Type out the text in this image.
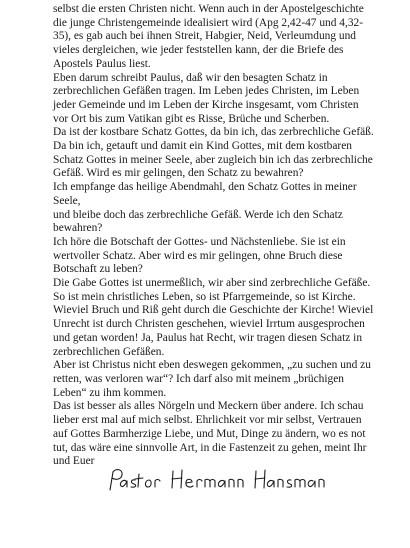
selbst die ersten Christen nicht. Wenn auch in der Apostelgeschichte
die junge Christengemeinde idealisiert wird (Apg 2,42-47 und 4,32-
35), es gab auch bei ihnen Streit, Habgier, Neid, Verleumdung und
vieles dergleichen, wie jeder feststellen kann, der die Briefe des
Apostels Paulus liest.
Eben darum schreibt Paulus, daß wir den besagten Schatz in
zerbrechlichen Gefäßen tragen. Im Leben jedes Christen, im Leben
jeder Gemeinde und im Leben der Kirche insgesamt, vom Christen
vor Ort bis zum Vatikan gibt es Risse, Brüche und Scherben.
Da ist der kostbare Schatz Gottes, da bin ich, das zerbrechliche Gefäß.
Da bin ich, getauft und damit ein Kind Gottes, mit dem kostbaren
Schatz Gottes in meiner Seele, aber zugleich bin ich das zerbrechliche
Gefäß. Wird es mir gelingen, den Schatz zu bewahren?
Ich empfange das heilige Abendmahl, den Schatz Gottes in meiner
Seele,
und bleibe doch das zerbrechliche Gefäß. Werde ich den Schatz
bewahren?
Ich höre die Botschaft der Gottes- und Nächstenliebe. Sie ist ein
wertvoller Schatz. Aber wird es mir gelingen, ohne Bruch diese
Botschaft zu leben?
Die Gabe Gottes ist unermeßlich, wir aber sind zerbrechliche Gefäße.
So ist mein christliches Leben, so ist Pfarrgemeinde, so ist Kirche.
Wieviel Bruch und Riß geht durch die Geschichte der Kirche! Wieviel
Unrecht ist durch Christen geschehen, wieviel Irrtum ausgesprochen
und getan worden! Ja, Paulus hat Recht, wir tragen diesen Schatz in
zerbrechlichen Gefäßen.
Aber ist Christus nicht eben deswegen gekommen, „zu suchen und zu
retten, was verloren war“? Ich darf also mit meinem „brüchigen
Leben“ zu ihm kommen.
Das ist besser als alles Nörgeln und Meckern über andere. Ich schau
lieber erst mal auf mich selbst. Ehrlichkeit vor mir selbst, Vertrauen
auf Gottes Barmherzige Liebe, und Mut, Dinge zu ändern, wo es not
tut, das wäre eine sinnvolle Art, in die Fastenzeit zu gehen, meint Ihr
und Euer
